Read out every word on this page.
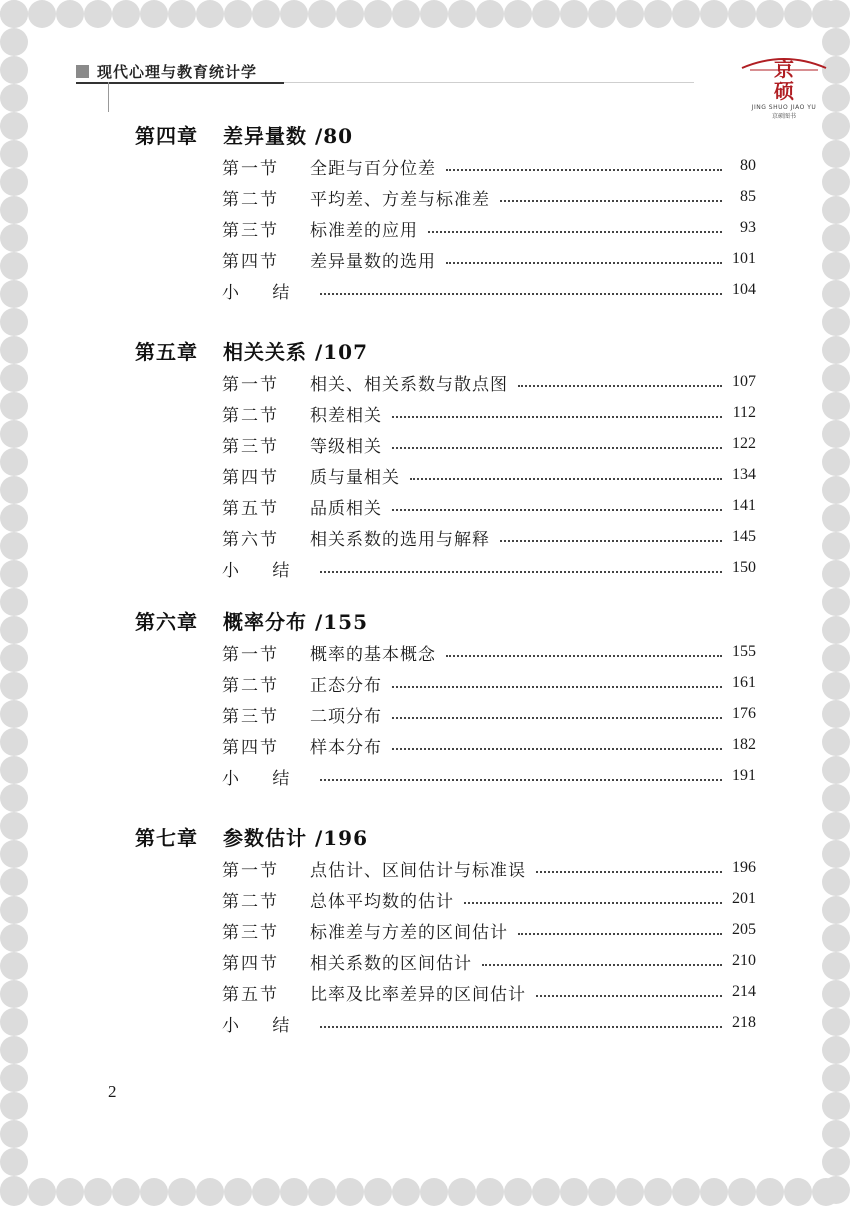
现代心理与教育统计学	京
硕
JING SHUO JIAO YU
京硕图书
第四章 差异量数 /80
第一节	全距与百分位差	80
第二节	平均差、方差与标准差	85
第三节	标准差的应用	93
第四节	差异量数的选用	101
小 结	104
第五章 相关关系 /107
第一节	相关、相关系数与散点图	107
第二节	积差相关	112
第三节	等级相关	122
第四节	质与量相关	134
第五节	品质相关	141
第六节	相关系数的选用与解释	145
小 结	150
第六章 概率分布 /155
第一节	概率的基本概念	155
第二节	正态分布	161
第三节	二项分布	176
第四节	样本分布	182
小 结	191
第七章 参数估计 /196
第一节	点估计、区间估计与标准误	196
第二节	总体平均数的估计	201
第三节	标准差与方差的区间估计	205
第四节	相关系数的区间估计	210
第五节	比率及比率差异的区间估计	214
小 结	218
2
